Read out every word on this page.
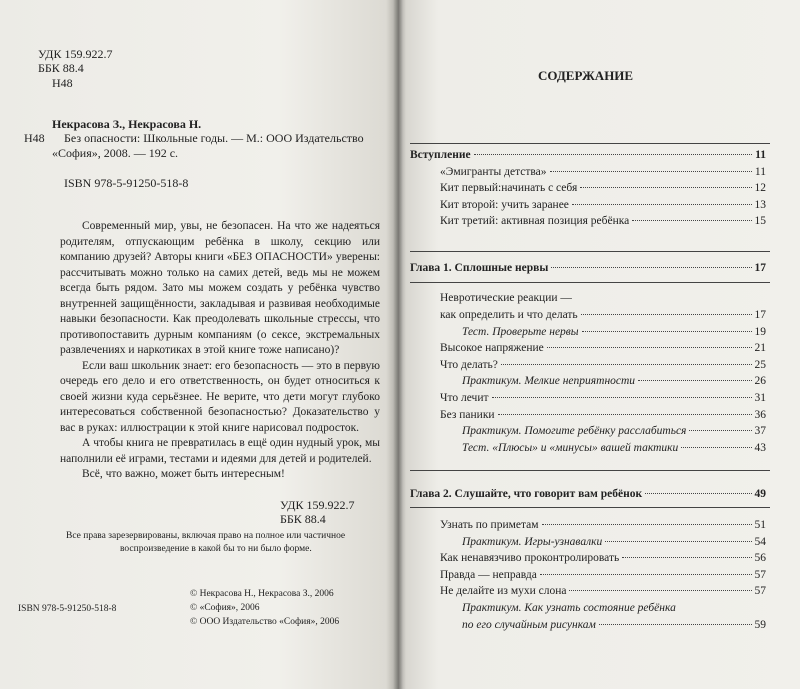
УДК 159.922.7
ББК 88.4
Н48
Некрасова З., Некрасова Н.
Н48 Без опасности: Школьные годы. — М.: ООО Издательство
«София», 2008. — 192 с.
ISBN 978-5-91250-518-8

Современный мир, увы, не безопасен. На что же надеяться родителям, отпускающим ребёнка в школу, секцию или компанию друзей? Авторы книги «БЕЗ ОПАСНОСТИ» уверены: рассчитывать можно только на самих детей, ведь мы не можем всегда быть рядом. Зато мы можем создать у ребёнка чувство внутренней защищённости, закладывая и развивая необходимые навыки безопасности. Как преодолевать школьные стрессы, что противопоставить дурным компаниям (о сексе, экстремальных развлечениях и наркотиках в этой книге тоже написано)?

Если ваш школьник знает: его безопасность — это в первую очередь его дело и его ответственность, он будет относиться к своей жизни куда серьёзнее. Не верите, что дети могут глубоко интересоваться собственной безопасностью? Доказательство у вас в руках: иллюстрации к этой книге нарисовал подросток.

А чтобы книга не превратилась в ещё один нудный урок, мы наполнили её играми, тестами и идеями для детей и родителей.

Всё, что важно, может быть интересным!

УДК 159.922.7
ББК 88.4
Все права зарезервированы, включая право на полное или частичное
воспроизведение в какой бы то ни было форме.
© Некрасова Н., Некрасова З., 2006
© «София», 2006
© ООО Издательство «София», 2006
ISBN 978-5-91250-518-8
СОДЕРЖАНИЕ
Вступление	11
«Эмигранты детства»	11
Кит первый:начинать с себя	12
Кит второй: учить заранее	13
Кит третий: активная позиция ребёнка	15
Глава 1. Сплошные нервы	17
Невротические реакции —
как определить и что делать	17
Тест. Проверьте нервы	19
Высокое напряжение	21
Что делать?	25
Практикум. Мелкие неприятности	26
Что лечит	31
Без паники	36
Практикум. Помогите ребёнку расслабиться	37
Тест. «Плюсы» и «минусы» вашей тактики	43
Глава 2. Слушайте, что говорит вам ребёнок	49
Узнать по приметам	51
Практикум. Игры-узнавалки	54
Как ненавязчиво проконтролировать	56
Правда — неправда	57
Не делайте из мухи слона	57
Практикум. Как узнать состояние ребёнка
по его случайным рисункам	59
